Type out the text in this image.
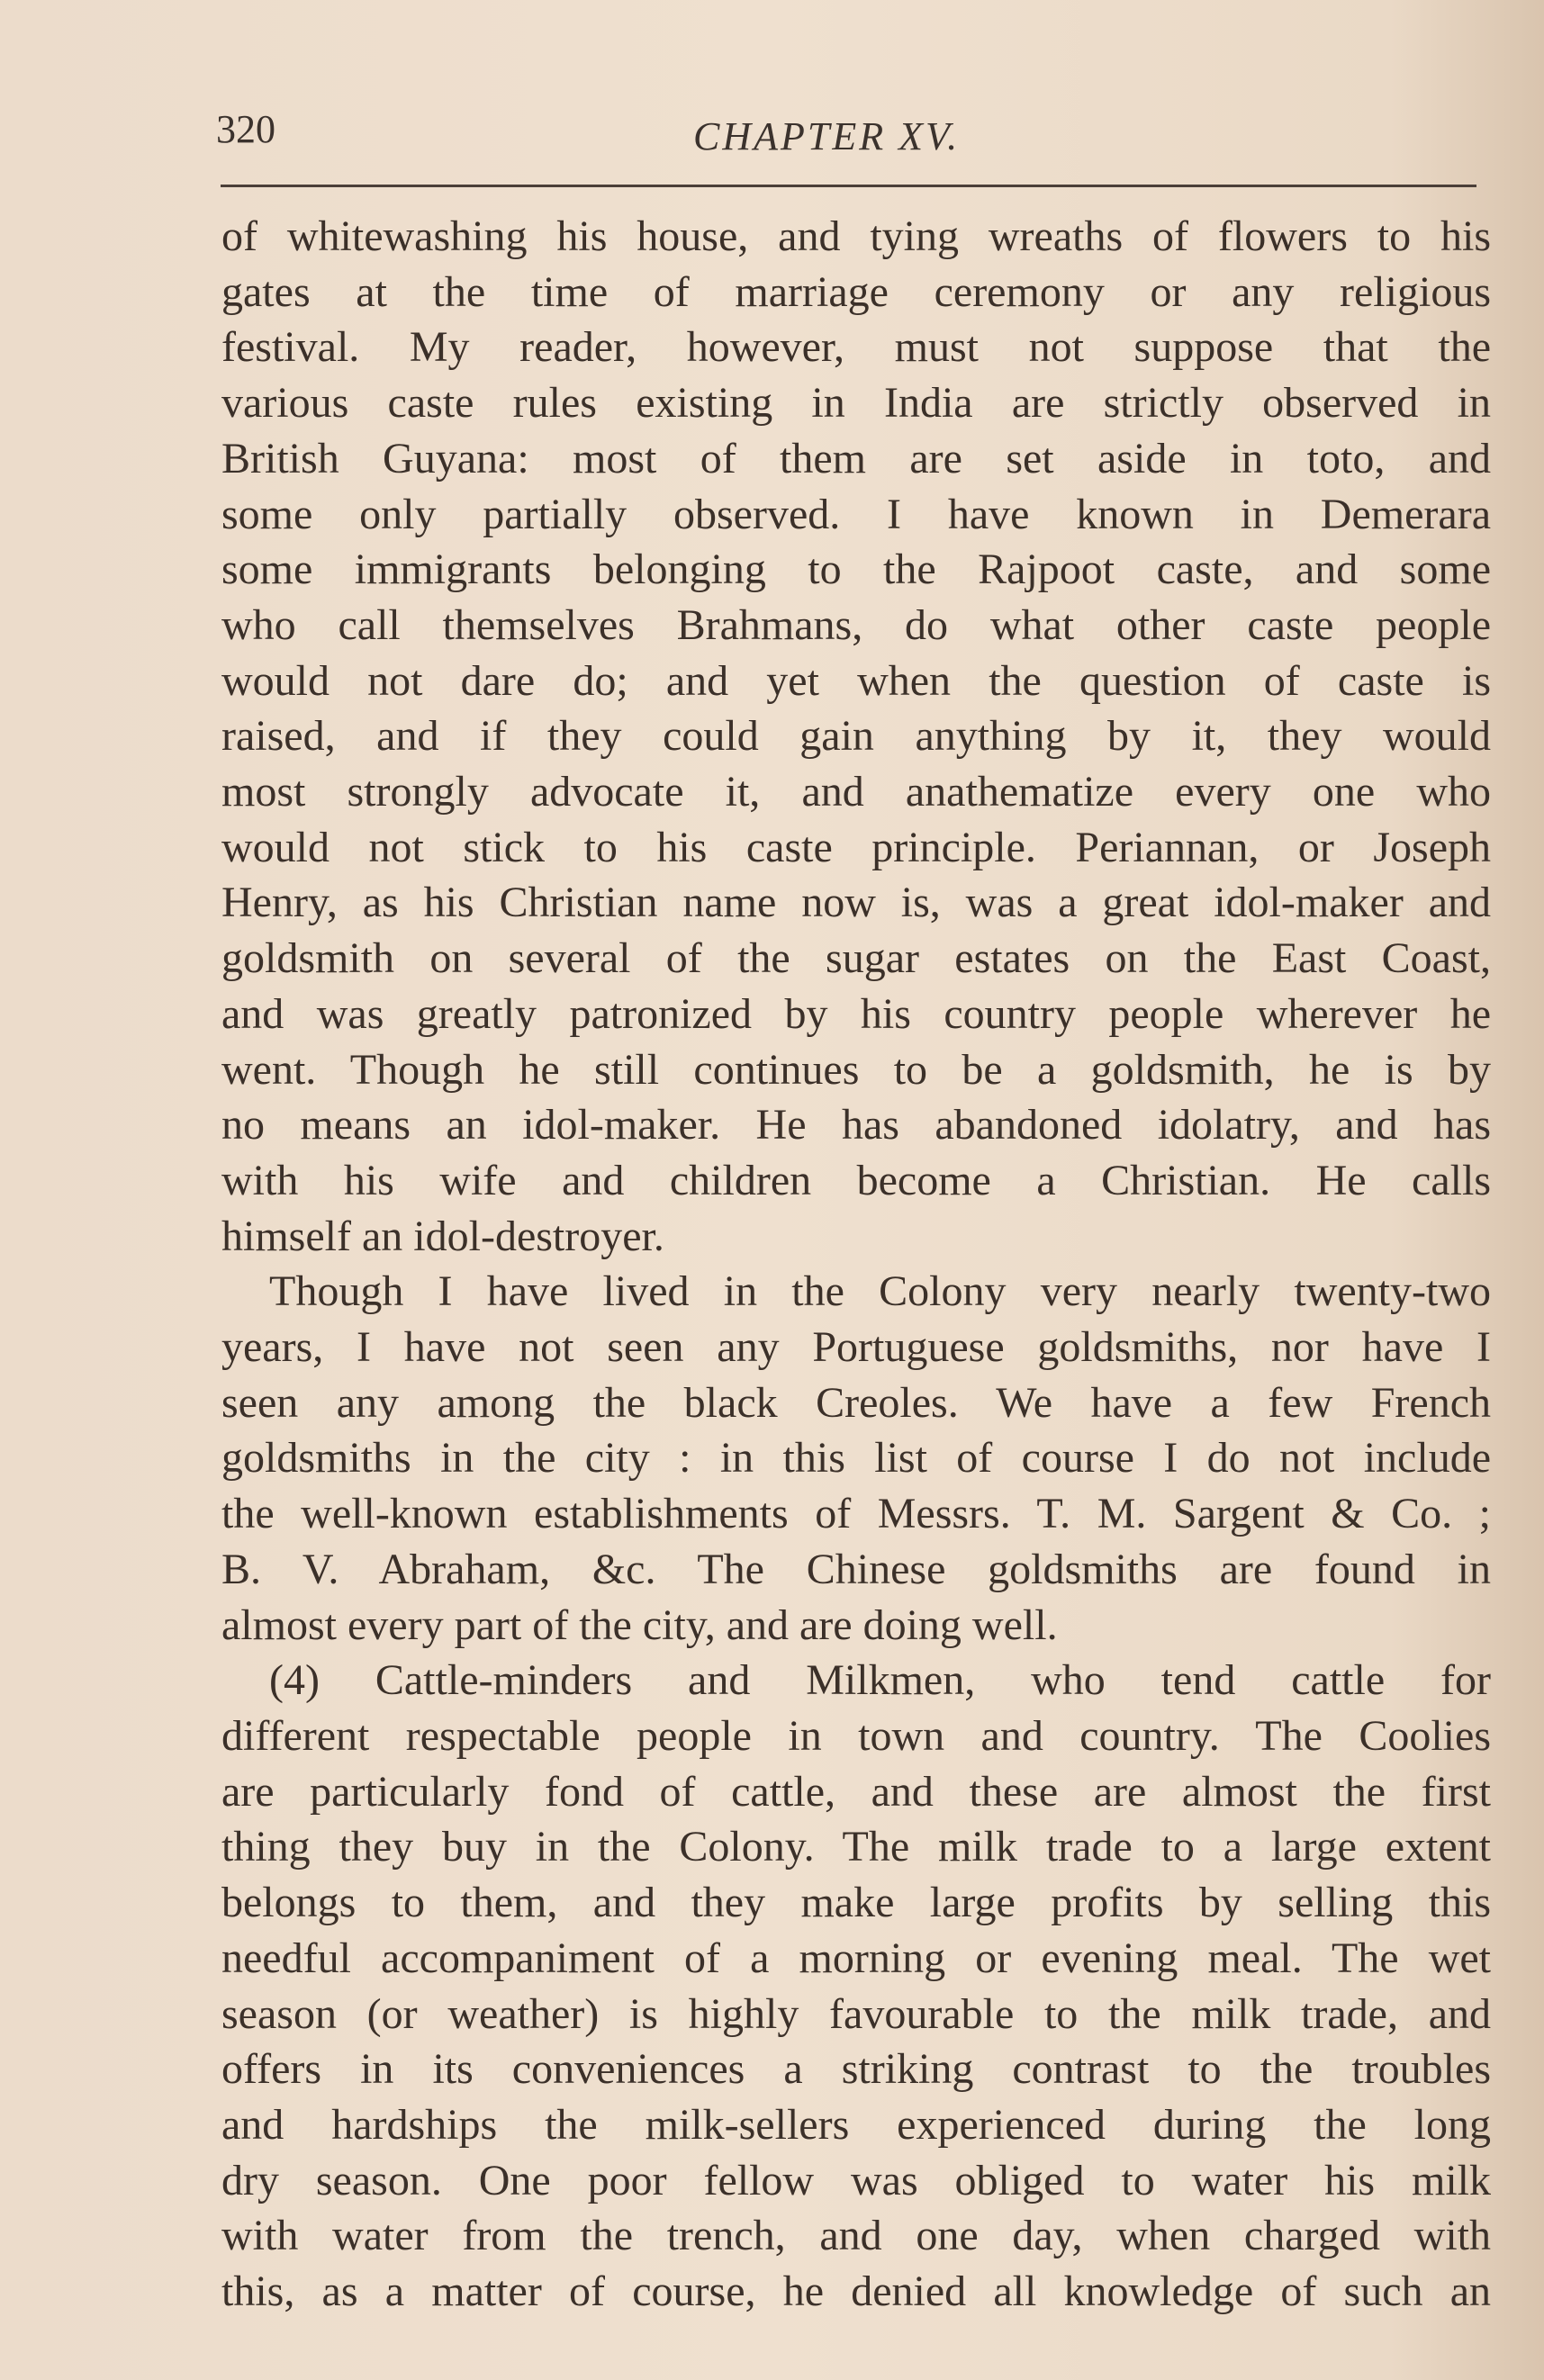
320	CHAPTER XV.
of whitewashing his house, and tying wreaths of flowers to his
gates at the time of marriage ceremony or any religious
festival. My reader, however, must not suppose that the
various caste rules existing in India are strictly observed in
British Guyana: most of them are set aside in toto, and
some only partially observed. I have known in Demerara
some immigrants belonging to the Rajpoot caste, and some
who call themselves Brahmans, do what other caste people
would not dare do; and yet when the question of caste is
raised, and if they could gain anything by it, they would
most strongly advocate it, and anathematize every one who
would not stick to his caste principle. Periannan, or Joseph
Henry, as his Christian name now is, was a great idol-maker and
goldsmith on several of the sugar estates on the East Coast,
and was greatly patronized by his country people wherever he
went. Though he still continues to be a goldsmith, he is by
no means an idol-maker. He has abandoned idolatry, and has
with his wife and children become a Christian. He calls
himself an idol-destroyer.
Though I have lived in the Colony very nearly twenty-two
years, I have not seen any Portuguese goldsmiths, nor have I
seen any among the black Creoles. We have a few French
goldsmiths in the city : in this list of course I do not include
the well-known establishments of Messrs. T. M. Sargent & Co. ;
B. V. Abraham, &c. The Chinese goldsmiths are found in
almost every part of the city, and are doing well.
(4) Cattle-minders and Milkmen, who tend cattle for
different respectable people in town and country. The Coolies
are particularly fond of cattle, and these are almost the first
thing they buy in the Colony. The milk trade to a large extent
belongs to them, and they make large profits by selling this
needful accompaniment of a morning or evening meal. The wet
season (or weather) is highly favourable to the milk trade, and
offers in its conveniences a striking contrast to the troubles
and hardships the milk-sellers experienced during the long
dry season. One poor fellow was obliged to water his milk
with water from the trench, and one day, when charged with
this, as a matter of course, he denied all knowledge of such an
